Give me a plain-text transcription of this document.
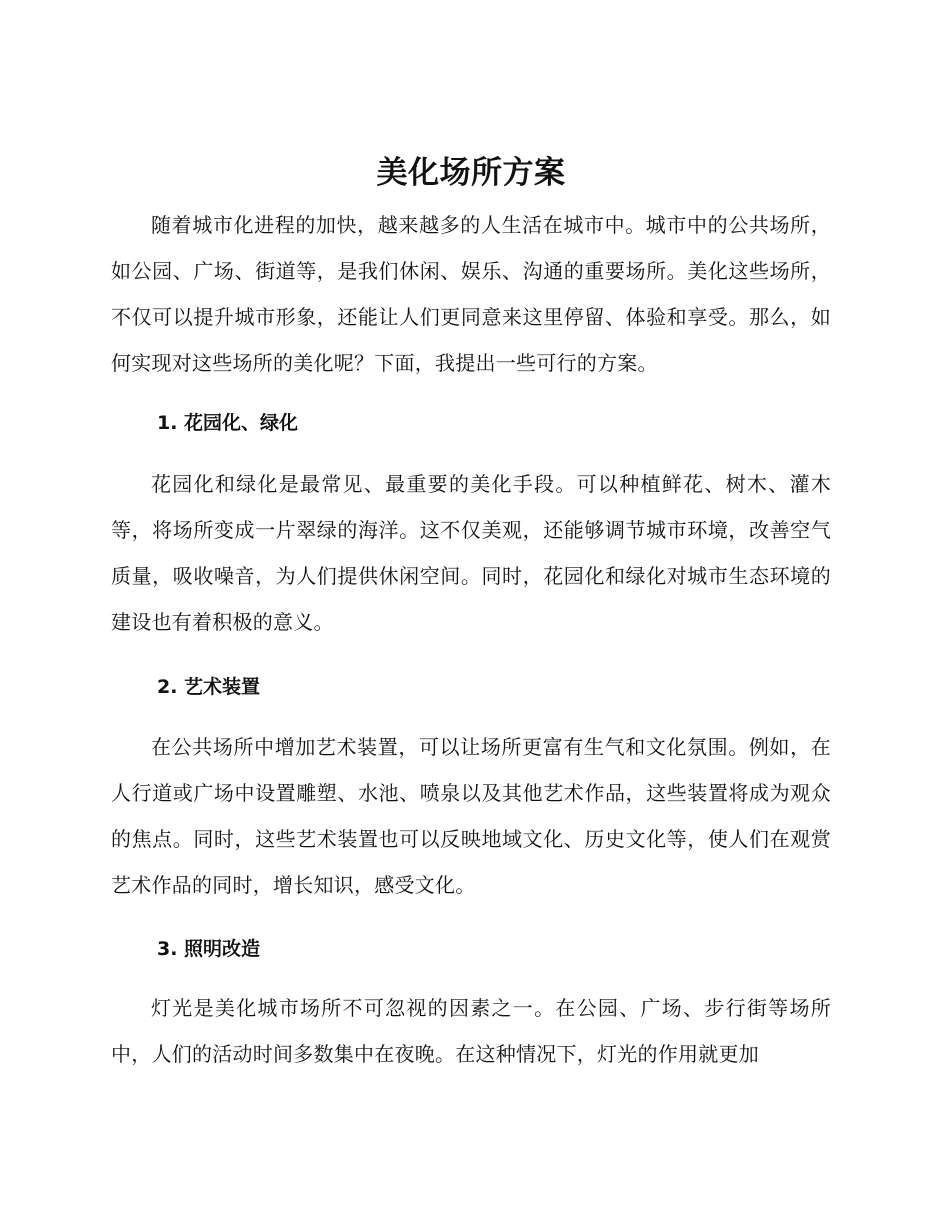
美化场所方案

随着城市化进程的加快，越来越多的人生活在城市中。城市中的公共场所，如公园、广场、街道等，是我们休闲、娱乐、沟通的重要场所。美化这些场所，不仅可以提升城市形象，还能让人们更同意来这里停留、体验和享受。那么，如何实现对这些场所的美化呢？下面，我提出一些可行的方案。

1. 花园化、绿化

花园化和绿化是最常见、最重要的美化手段。可以种植鲜花、树木、灌木等，将场所变成一片翠绿的海洋。这不仅美观，还能够调节城市环境，改善空气质量，吸收噪音，为人们提供休闲空间。同时，花园化和绿化对城市生态环境的建设也有着积极的意义。

2. 艺术装置

在公共场所中增加艺术装置，可以让场所更富有生气和文化氛围。例如，在人行道或广场中设置雕塑、水池、喷泉以及其他艺术作品，这些装置将成为观众的焦点。同时，这些艺术装置也可以反映地域文化、历史文化等，使人们在观赏艺术作品的同时，增长知识，感受文化。

3. 照明改造

灯光是美化城市场所不可忽视的因素之一。在公园、广场、步行街等场所中，人们的活动时间多数集中在夜晚。在这种情况下，灯光的作用就更加
